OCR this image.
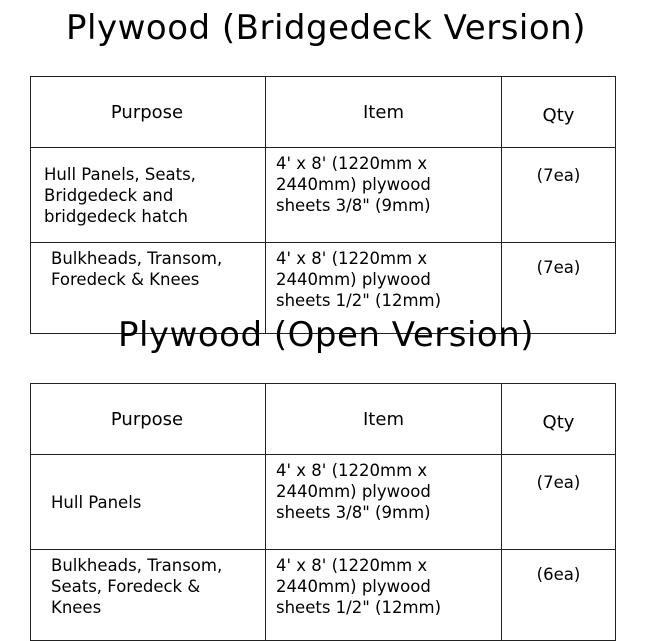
Plywood (Bridgedeck Version)
Purpose	Item	Qty
Hull Panels, Seats,
Bridgedeck and
bridgedeck hatch	4' x 8' (1220mm x
2440mm) plywood
sheets 3/8" (9mm)	(7ea)
Bulkheads, Transom,
Foredeck & Knees	4' x 8' (1220mm x
2440mm) plywood
sheets 1/2" (12mm)	(7ea)
Plywood (Open Version)
Purpose	Item	Qty
Hull Panels	4' x 8' (1220mm x
2440mm) plywood
sheets 3/8" (9mm)	(7ea)
Bulkheads, Transom,
Seats, Foredeck &
Knees	4' x 8' (1220mm x
2440mm) plywood
sheets 1/2" (12mm)	(6ea)
